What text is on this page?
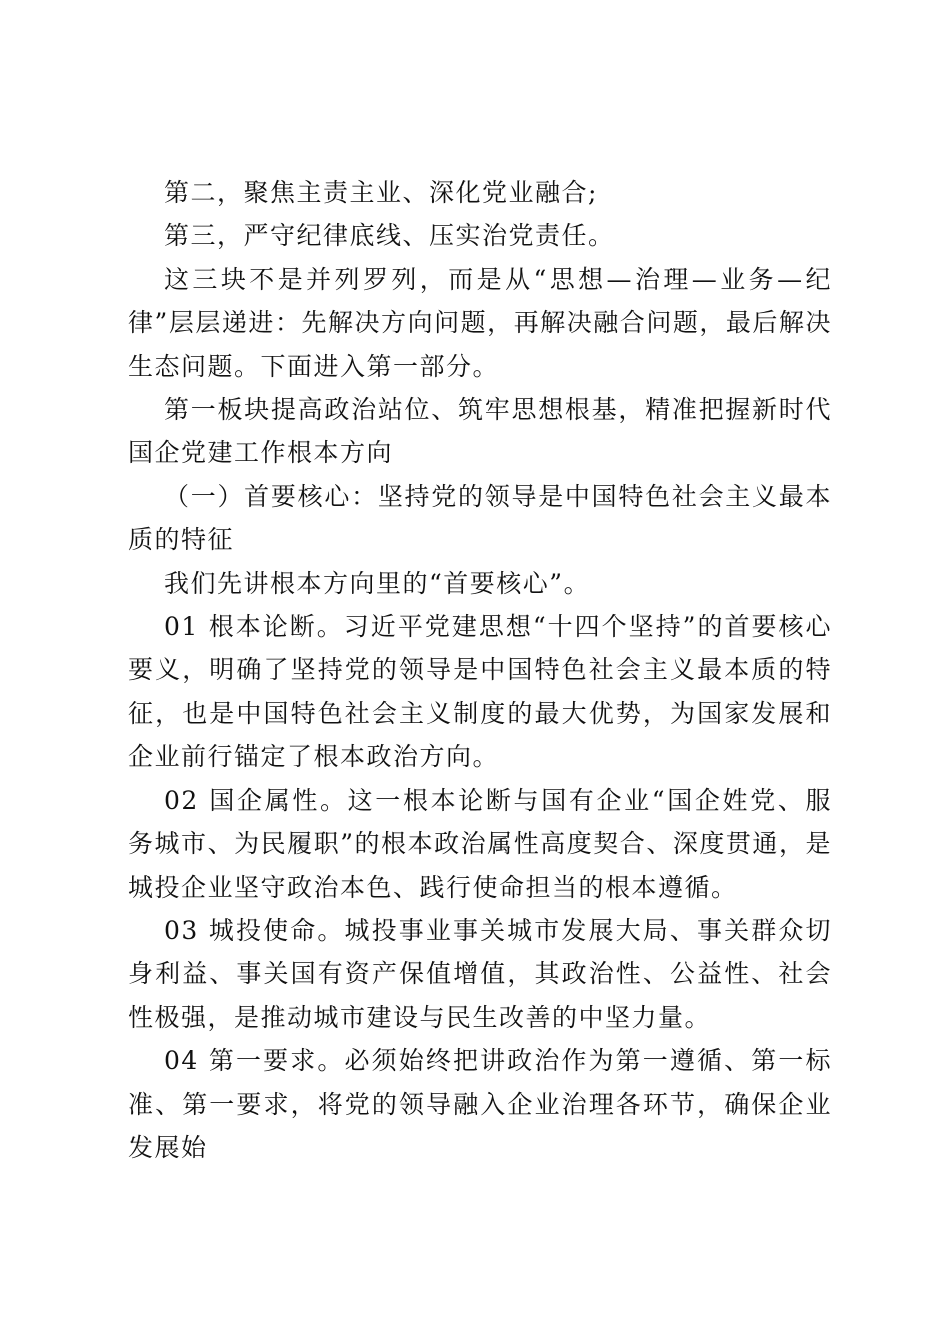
第二，聚焦主责主业、深化党业融合;

第三，严守纪律底线、压实治党责任。

这三块不是并列罗列，而是从“思想—治理—业务—纪律”层层递进：先解决方向问题，再解决融合问题，最后解决生态问题。下面进入第一部分。

第一板块提高政治站位、筑牢思想根基，精准把握新时代国企党建工作根本方向

（一）首要核心：坚持党的领导是中国特色社会主义最本质的特征

我们先讲根本方向里的“首要核心”。

01 根本论断。习近平党建思想“十四个坚持”的首要核心要义，明确了坚持党的领导是中国特色社会主义最本质的特征，也是中国特色社会主义制度的最大优势，为国家发展和企业前行锚定了根本政治方向。

02 国企属性。这一根本论断与国有企业“国企姓党、服务城市、为民履职”的根本政治属性高度契合、深度贯通，是城投企业坚守政治本色、践行使命担当的根本遵循。

03 城投使命。城投事业事关城市发展大局、事关群众切身利益、事关国有资产保值增值，其政治性、公益性、社会性极强，是推动城市建设与民生改善的中坚力量。

04 第一要求。必须始终把讲政治作为第一遵循、第一标准、第一要求，将党的领导融入企业治理各环节，确保企业发展始
